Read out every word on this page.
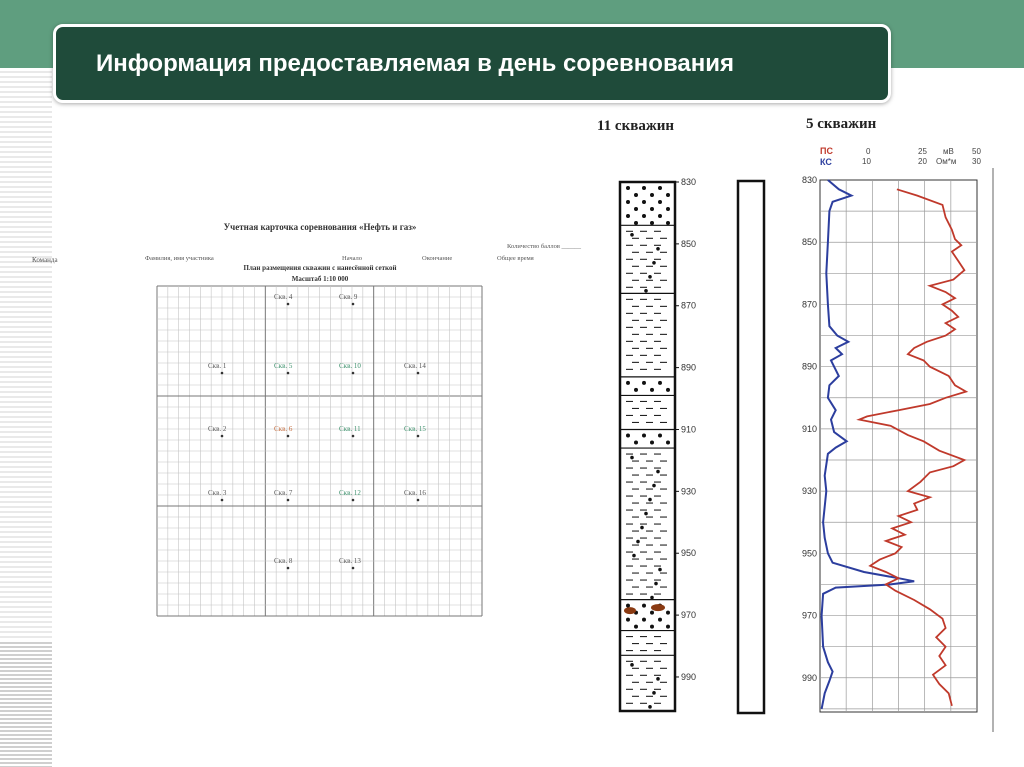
Информация предоставляемая в день соревнования
Учетная карточка соревнования «Нефть и газ»
Команда	Фамилия, имя участника	Начало	Окончание
Количество баллов ______
Общее время
План размещения скважин с нанесённой сеткой
Масштаб 1:10 000
Скв. 1
Скв. 2
Скв. 3
Скв. 4
Скв. 5
Скв. 6
Скв. 7
Скв. 8
Скв. 9
Скв. 10
Скв. 11
Скв. 12
Скв. 13
Скв. 14
Скв. 15
Скв. 16
11 скважин	5 скважин
830
850
870
890
910
930
950
970
990
ПС
КС
0	25 мВ 50
10	20 Ом*м 30
830
850
870
890
910
930
950
970
990
